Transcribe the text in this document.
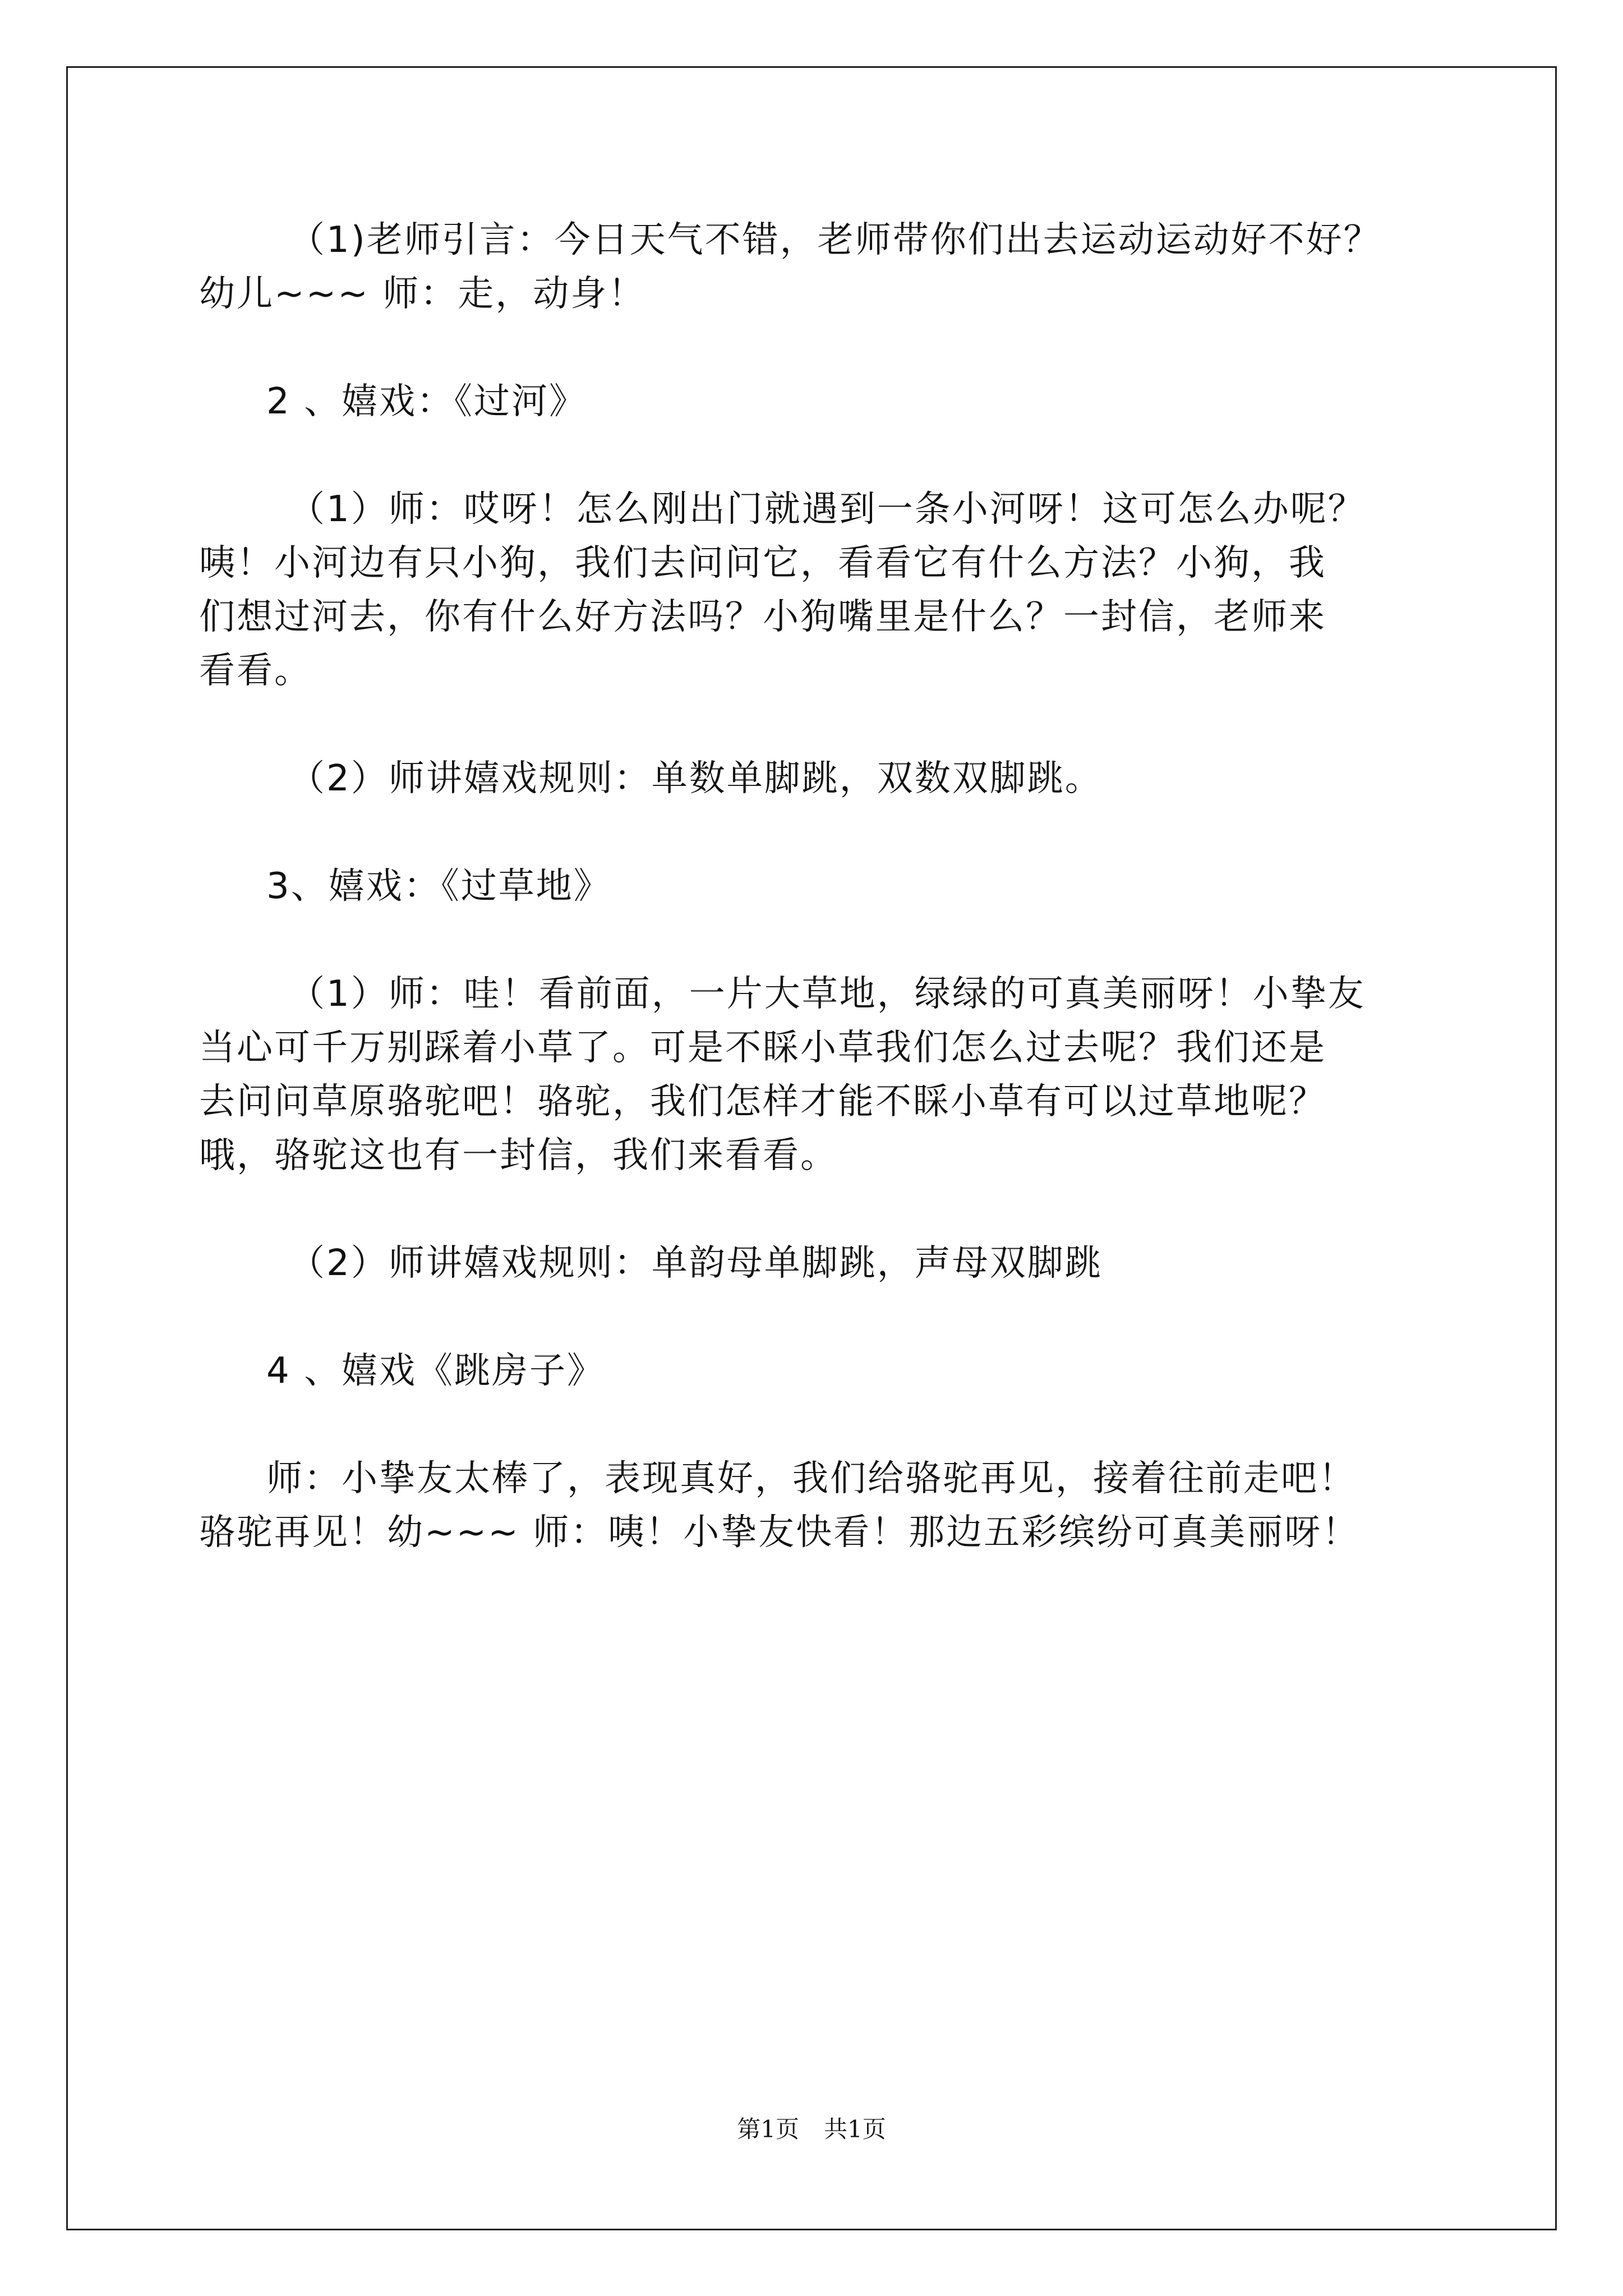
（1)老师引言：今日天气不错，老师带你们出去运动运动好不好？
幼儿~~~ 师：走，动身！
2 、嬉戏：《过河》
（1）师：哎呀！怎么刚出门就遇到一条小河呀！这可怎么办呢？
咦！小河边有只小狗，我们去问问它，看看它有什么方法？小狗，我
们想过河去，你有什么好方法吗？小狗嘴里是什么？一封信，老师来
看看。
（2）师讲嬉戏规则：单数单脚跳，双数双脚跳。
3、嬉戏：《过草地》
（1）师：哇！看前面，一片大草地，绿绿的可真美丽呀！小挚友
当心可千万别踩着小草了。可是不睬小草我们怎么过去呢？我们还是
去问问草原骆驼吧！骆驼，我们怎样才能不睬小草有可以过草地呢？
哦，骆驼这也有一封信，我们来看看。
（2）师讲嬉戏规则：单韵母单脚跳，声母双脚跳
4 、嬉戏《跳房子》
师：小挚友太棒了，表现真好，我们给骆驼再见，接着往前走吧！
骆驼再见！幼~~~ 师：咦！小挚友快看！那边五彩缤纷可真美丽呀！
第1页 共1页
